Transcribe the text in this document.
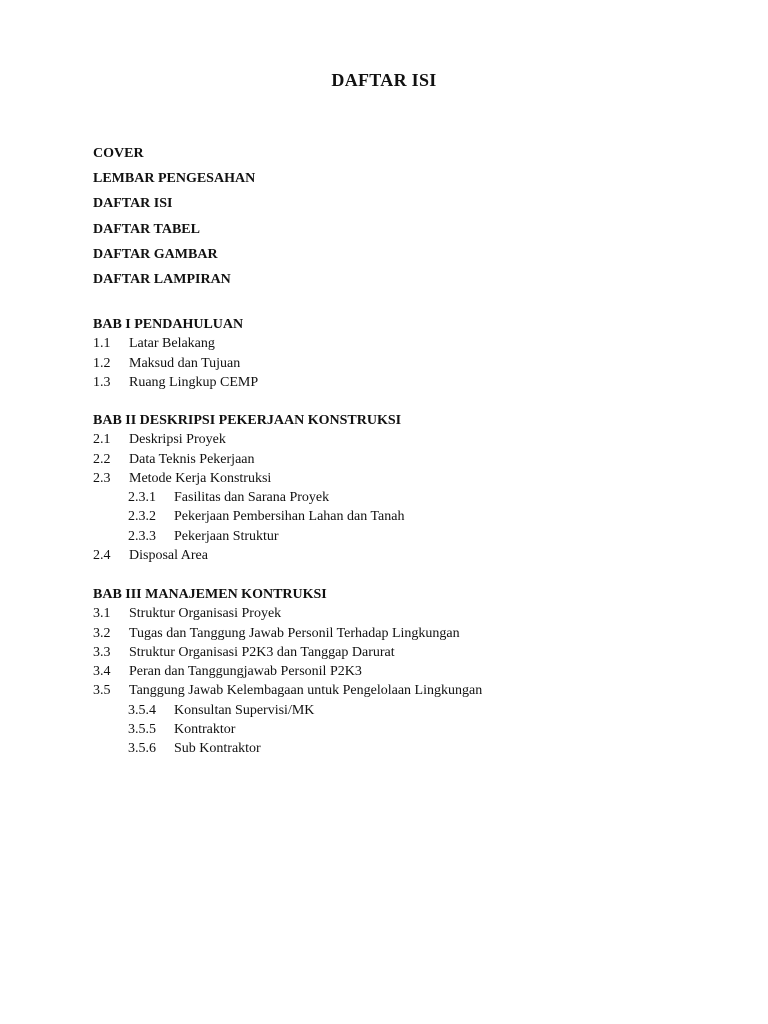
DAFTAR ISI
COVER
LEMBAR PENGESAHAN
DAFTAR ISI
DAFTAR TABEL
DAFTAR GAMBAR
DAFTAR LAMPIRAN
BAB I PENDAHULUAN
1.1 Latar Belakang
1.2 Maksud dan Tujuan
1.3 Ruang Lingkup CEMP
BAB II DESKRIPSI PEKERJAAN KONSTRUKSI
2.1 Deskripsi Proyek
2.2 Data Teknis Pekerjaan
2.3 Metode Kerja Konstruksi
2.3.1 Fasilitas dan Sarana Proyek
2.3.2 Pekerjaan Pembersihan Lahan dan Tanah
2.3.3 Pekerjaan Struktur
2.4 Disposal Area
BAB III MANAJEMEN KONTRUKSI
3.1 Struktur Organisasi Proyek
3.2 Tugas dan Tanggung Jawab Personil Terhadap Lingkungan
3.3 Struktur Organisasi P2K3 dan Tanggap Darurat
3.4 Peran dan Tanggungjawab Personil P2K3
3.5 Tanggung Jawab Kelembagaan untuk Pengelolaan Lingkungan
3.5.4 Konsultan Supervisi/MK
3.5.5 Kontraktor
3.5.6 Sub Kontraktor
